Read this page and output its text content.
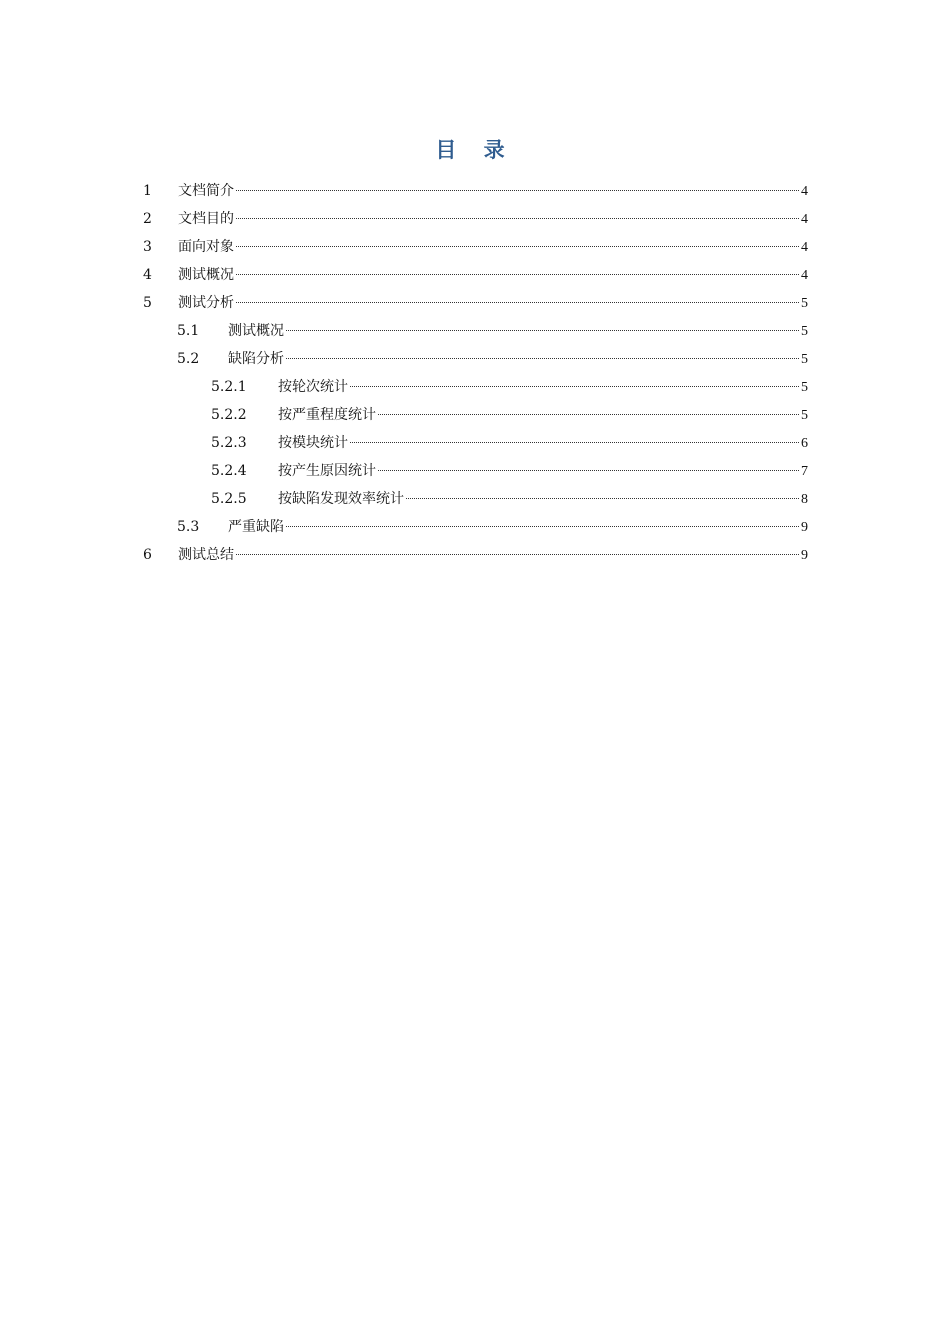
目 录
1 文档简介	4
2 文档目的	4
3 面向对象	4
4 测试概况	4
5 测试分析	5
5.1 测试概况	5
5.2 缺陷分析	5
5.2.1 按轮次统计	5
5.2.2 按严重程度统计	5
5.2.3 按模块统计	6
5.2.4 按产生原因统计	7
5.2.5 按缺陷发现效率统计	8
5.3 严重缺陷	9
6 测试总结	9
